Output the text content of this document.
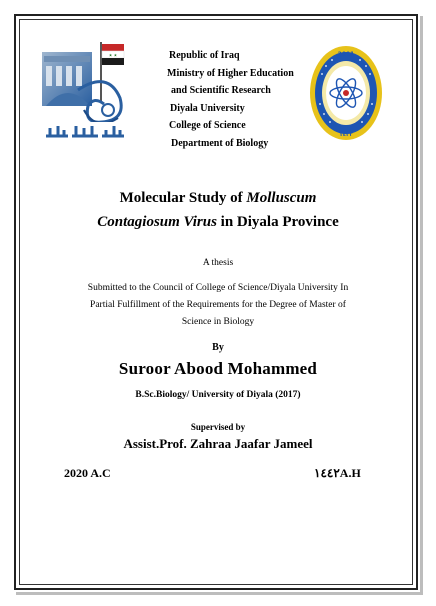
★ ★	2001
١٤٢٢
Republic of Iraq
Ministry of Higher Education
and Scientific Research
Diyala University
College of Science
Department of Biology
Molecular Study of Molluscum
Contagiosum Virus in Diyala Province
A thesis
Submitted to the Council of College of Science/Diyala University In
Partial Fulfillment of the Requirements for the Degree of Master of
Science in Biology
By
Suroor Abood Mohammed
B.Sc.Biology/ University of Diyala (2017)
Supervised by
Assist.Prof. Zahraa Jaafar Jameel
2020 A.C	١٤٤٢A.H
